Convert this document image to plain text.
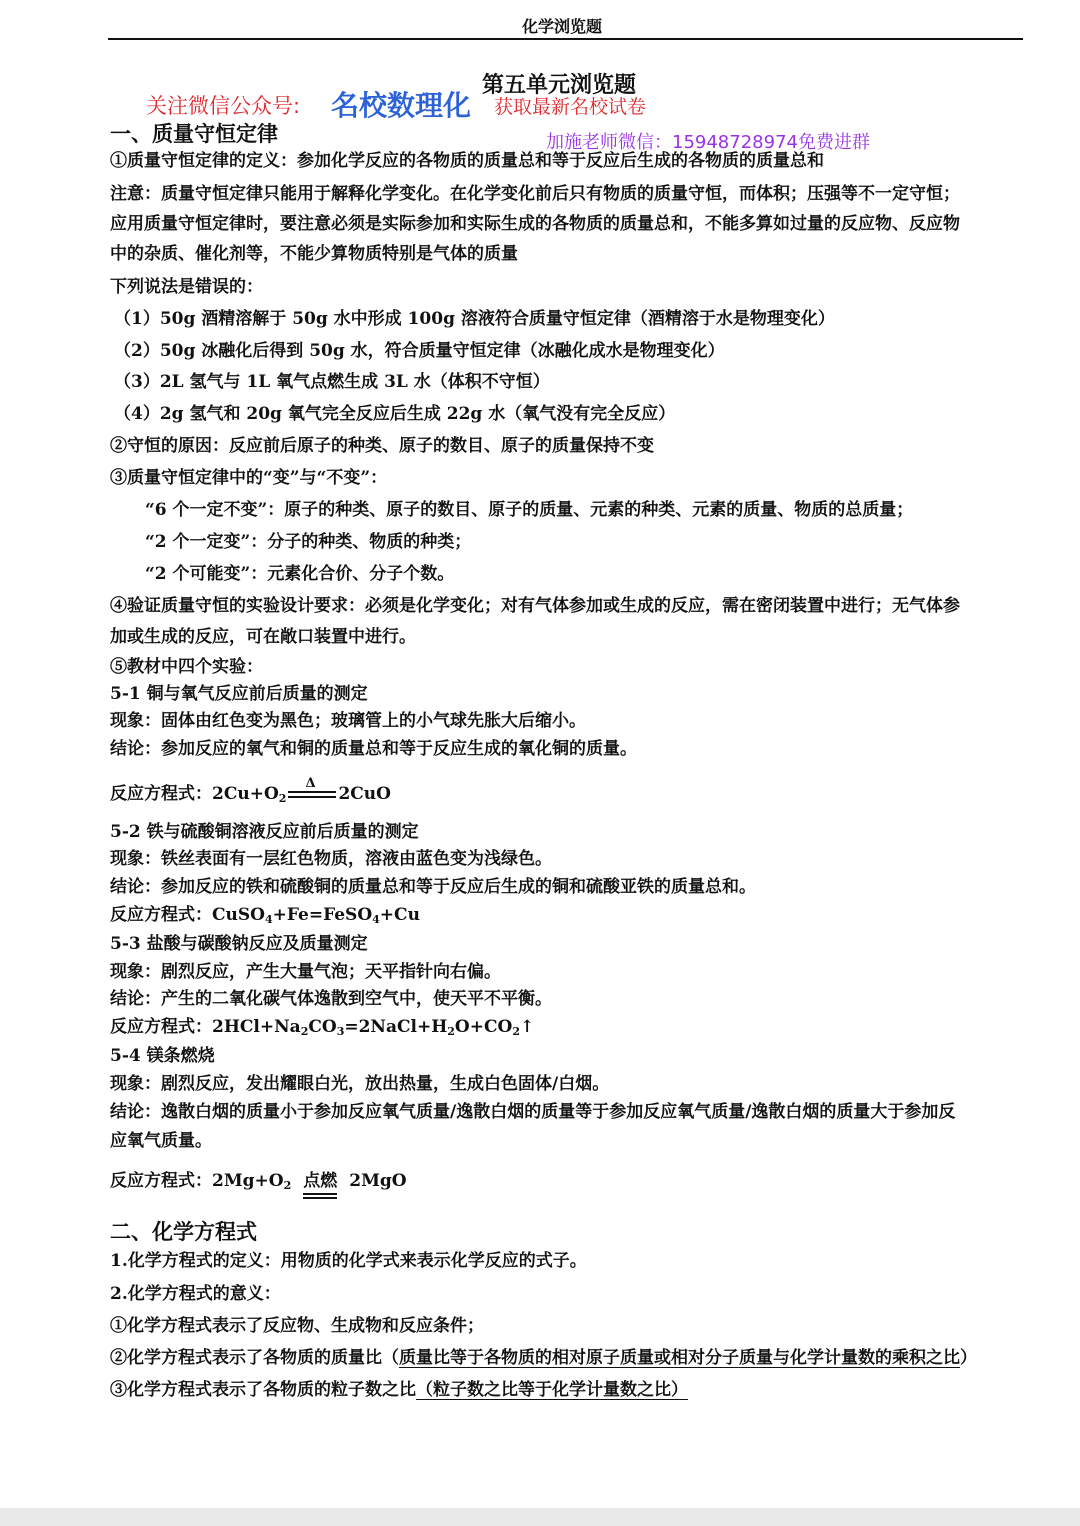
化学浏览题
第五单元浏览题
关注微信公众号: 名校数理化 获取最新名校试卷
加施老师微信：15948728974免费进群
一、质量守恒定律
①质量守恒定律的定义：参加化学反应的各物质的质量总和等于反应后生成的各物质的质量总和
注意：质量守恒定律只能用于解释化学变化。在化学变化前后只有物质的质量守恒，而体积；压强等不一定守恒；
应用质量守恒定律时，要注意必须是实际参加和实际生成的各物质的质量总和，不能多算如过量的反应物、反应物
中的杂质、催化剂等，不能少算物质特别是气体的质量
下列说法是错误的：
（1）50g 酒精溶解于 50g 水中形成 100g 溶液符合质量守恒定律（酒精溶于水是物理变化）
（2）50g 冰融化后得到 50g 水，符合质量守恒定律（冰融化成水是物理变化）
（3）2L 氢气与 1L 氧气点燃生成 3L 水（体积不守恒）
（4）2g 氢气和 20g 氧气完全反应后生成 22g 水（氧气没有完全反应）
②守恒的原因：反应前后原子的种类、原子的数目、原子的质量保持不变
③质量守恒定律中的“变”与“不变”：
“6 个一定不变”：原子的种类、原子的数目、原子的质量、元素的种类、元素的质量、物质的总质量；
“2 个一定变”：分子的种类、物质的种类；
“2 个可能变”：元素化合价、分子个数。
④验证质量守恒的实验设计要求：必须是化学变化；对有气体参加或生成的反应，需在密闭装置中进行；无气体参
加或生成的反应，可在敞口装置中进行。
⑤教材中四个实验：
5-1 铜与氧气反应前后质量的测定
现象：固体由红色变为黑色；玻璃管上的小气球先胀大后缩小。
结论：参加反应的氧气和铜的质量总和等于反应生成的氧化铜的质量。
反应方程式：$2Cu+O_2$
Δ
2CuO
5-2 铁与硫酸铜溶液反应前后质量的测定
现象：铁丝表面有一层红色物质，溶液由蓝色变为浅绿色。
结论：参加反应的铁和硫酸铜的质量总和等于反应后生成的铜和硫酸亚铁的质量总和。
反应方程式：CuSO$_4$+Fe=FeSO$_4$+Cu
5-3 盐酸与碳酸钠反应及质量测定
现象：剧烈反应，产生大量气泡；天平指针向右偏。
结论：产生的二氧化碳气体逸散到空气中，使天平不平衡。
反应方程式：$2HCl+Na_2CO_3=2NaCl+H_2O+CO_2↑$
5-4 镁条燃烧
现象：剧烈反应，发出耀眼白光，放出热量，生成白色固体/白烟。
结论：逸散白烟的质量小于参加反应氧气质量/逸散白烟的质量等于参加反应氧气质量/逸散白烟的质量大于参加反
应氧气质量。
反应方程式：$2Mg+O_2$ 点燃 2MgO
二、化学方程式
1.化学方程式的定义：用物质的化学式来表示化学反应的式子。
2.化学方程式的意义：
①化学方程式表示了反应物、生成物和反应条件；
②化学方程式表示了各物质的质量比（质量比等于各物质的相对原子质量或相对分子质量与化学计量数的乘积之比）
③化学方程式表示了各物质的粒子数之比（粒子数之比等于化学计量数之比）
